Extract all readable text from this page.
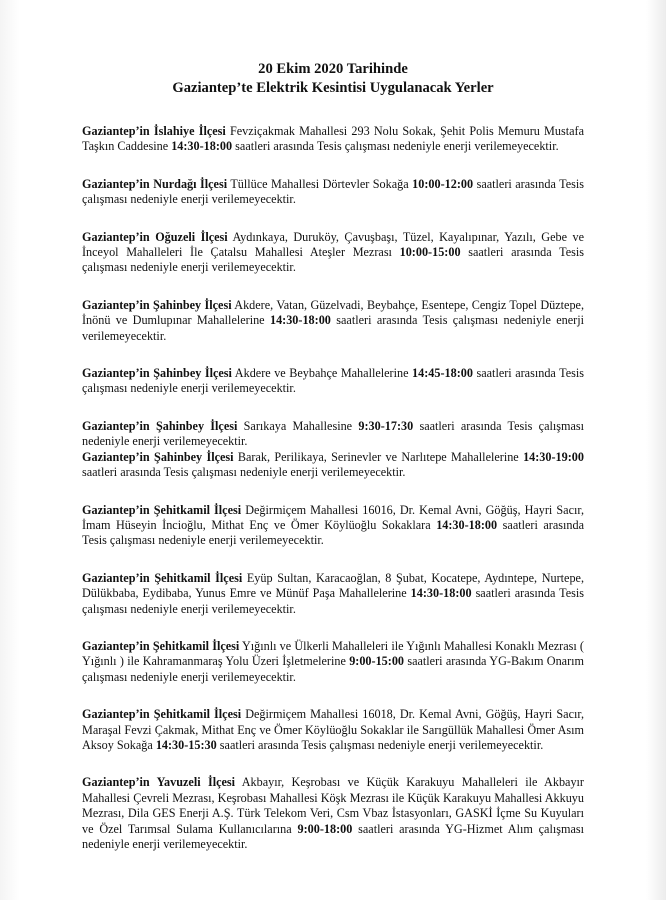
20 Ekim 2020 Tarihinde
Gaziantep’te Elektrik Kesintisi Uygulanacak Yerler

Gaziantep’in İslahiye İlçesi Fevziçakmak Mahallesi 293 Nolu Sokak, Şehit Polis Memuru Mustafa Taşkın Caddesine 14:30-18:00 saatleri arasında Tesis çalışması nedeniyle enerji verilemeyecektir.

Gaziantep’in Nurdağı İlçesi Tüllüce Mahallesi Dörtevler Sokağa 10:00-12:00 saatleri arasında Tesis çalışması nedeniyle enerji verilemeyecektir.

Gaziantep’in Oğuzeli İlçesi Aydınkaya, Duruköy, Çavuşbaşı, Tüzel, Kayalıpınar, Yazılı, Gebe ve İnceyol Mahalleleri İle Çatalsu Mahallesi Ateşler Mezrası 10:00-15:00 saatleri arasında Tesis çalışması nedeniyle enerji verilemeyecektir.

Gaziantep’in Şahinbey İlçesi Akdere, Vatan, Güzelvadi, Beybahçe, Esentepe, Cengiz Topel Düztepe, İnönü ve Dumlupınar Mahallelerine 14:30-18:00 saatleri arasında Tesis çalışması nedeniyle enerji verilemeyecektir.

Gaziantep’in Şahinbey İlçesi Akdere ve Beybahçe Mahallelerine 14:45-18:00 saatleri arasında Tesis çalışması nedeniyle enerji verilemeyecektir.

Gaziantep’in Şahinbey İlçesi Sarıkaya Mahallesine 9:30-17:30 saatleri arasında Tesis çalışması nedeniyle enerji verilemeyecektir.

Gaziantep’in Şahinbey İlçesi Barak, Perilikaya, Serinevler ve Narlıtepe Mahallelerine 14:30-19:00 saatleri arasında Tesis çalışması nedeniyle enerji verilemeyecektir.

Gaziantep’in Şehitkamil İlçesi Değirmiçem Mahallesi 16016, Dr. Kemal Avni, Göğüş, Hayri Sacır, İmam Hüseyin İncioğlu, Mithat Enç ve Ömer Köylüoğlu Sokaklara 14:30-18:00 saatleri arasında Tesis çalışması nedeniyle enerji verilemeyecektir.

Gaziantep’in Şehitkamil İlçesi Eyüp Sultan, Karacaoğlan, 8 Şubat, Kocatepe, Aydıntepe, Nurtepe, Dülükbaba, Eydibaba, Yunus Emre ve Münüf Paşa Mahallelerine 14:30-18:00 saatleri arasında Tesis çalışması nedeniyle enerji verilemeyecektir.

Gaziantep’in Şehitkamil İlçesi Yığınlı ve Ülkerli Mahalleleri ile Yığınlı Mahallesi Konaklı Mezrası ( Yığınlı ) ile Kahramanmaraş Yolu Üzeri İşletmelerine 9:00-15:00 saatleri arasında YG-Bakım Onarım çalışması nedeniyle enerji verilemeyecektir.

Gaziantep’in Şehitkamil İlçesi Değirmiçem Mahallesi 16018, Dr. Kemal Avni, Göğüş, Hayri Sacır, Maraşal Fevzi Çakmak, Mithat Enç ve Ömer Köylüoğlu Sokaklar ile Sarıgüllük Mahallesi Ömer Asım Aksoy Sokağa 14:30-15:30 saatleri arasında Tesis çalışması nedeniyle enerji verilemeyecektir.

Gaziantep’in Yavuzeli İlçesi Akbayır, Keşrobası ve Küçük Karakuyu Mahalleleri ile Akbayır Mahallesi Çevreli Mezrası, Keşrobası Mahallesi Köşk Mezrası ile Küçük Karakuyu Mahallesi Akkuyu Mezrası, Dila GES Enerji A.Ş. Türk Telekom Veri, Csm Vbaz İstasyonları, GASKİ İçme Su Kuyuları ve Özel Tarımsal Sulama Kullanıcılarına 9:00-18:00 saatleri arasında YG-Hizmet Alım çalışması nedeniyle enerji verilemeyecektir.
